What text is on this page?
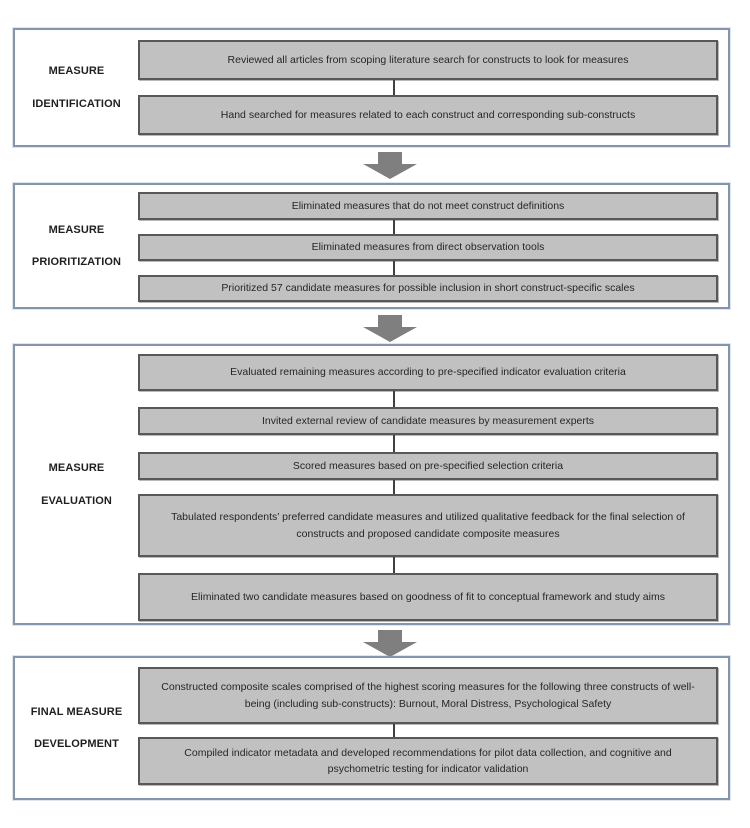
MEASURE
IDENTIFICATION
Reviewed all articles from scoping literature search for constructs to look for measures
Hand searched for measures related to each construct and corresponding sub-constructs
MEASURE
PRIORITIZATION
Eliminated measures that do not meet construct definitions
Eliminated measures from direct observation tools
Prioritized 57 candidate measures for possible inclusion in short construct-specific scales
MEASURE
EVALUATION
Evaluated remaining measures according to pre-specified indicator evaluation criteria
Invited external review of candidate measures by measurement experts
Scored measures based on pre-specified selection criteria
Tabulated respondents’ preferred candidate measures and utilized qualitative feedback for the final selection of constructs and proposed candidate composite measures
Eliminated two candidate measures based on goodness of fit to conceptual framework and study aims
FINAL MEASURE
DEVELOPMENT
Constructed composite scales comprised of the highest scoring measures for the following three constructs of well-being (including sub-constructs): Burnout, Moral Distress, Psychological Safety
Compiled indicator metadata and developed recommendations for pilot data collection, and cognitive and psychometric testing for indicator validation
